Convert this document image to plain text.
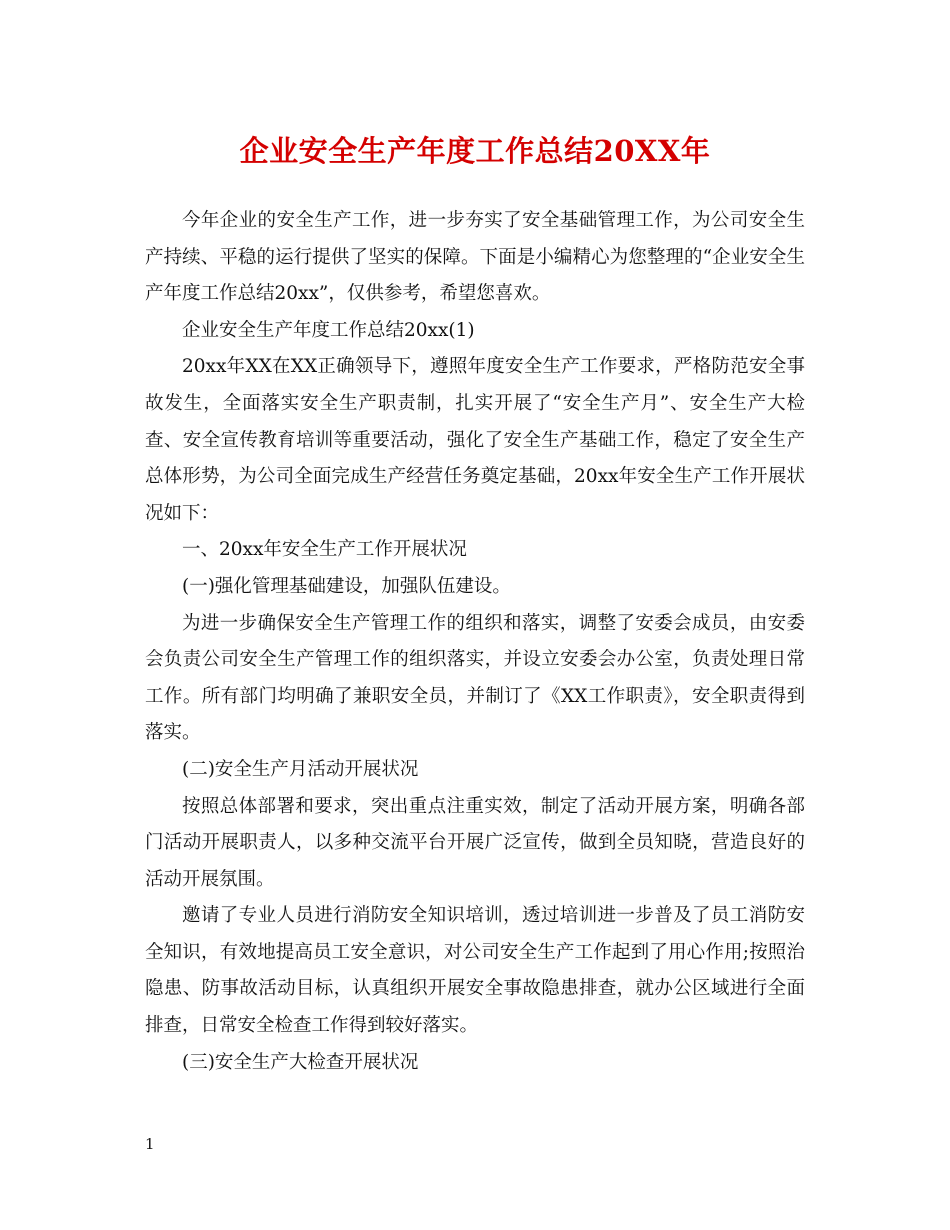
企业安全生产年度工作总结20XX年

今年企业的安全生产工作，进一步夯实了安全基础管理工作，为公司安全生产持续、平稳的运行提供了坚实的保障。下面是小编精心为您整理的“企业安全生产年度工作总结20xx”，仅供参考，希望您喜欢。

企业安全生产年度工作总结20xx(1)

20xx年XX在XX正确领导下，遵照年度安全生产工作要求，严格防范安全事故发生，全面落实安全生产职责制，扎实开展了“安全生产月”、安全生产大检查、安全宣传教育培训等重要活动，强化了安全生产基础工作，稳定了安全生产总体形势，为公司全面完成生产经营任务奠定基础，20xx年安全生产工作开展状况如下：

一、20xx年安全生产工作开展状况

(一)强化管理基础建设，加强队伍建设。

为进一步确保安全生产管理工作的组织和落实，调整了安委会成员，由安委会负责公司安全生产管理工作的组织落实，并设立安委会办公室，负责处理日常工作。所有部门均明确了兼职安全员，并制订了《XX工作职责》，安全职责得到落实。

(二)安全生产月活动开展状况

按照总体部署和要求，突出重点注重实效，制定了活动开展方案，明确各部门活动开展职责人，以多种交流平台开展广泛宣传，做到全员知晓，营造良好的活动开展氛围。

邀请了专业人员进行消防安全知识培训，透过培训进一步普及了员工消防安全知识，有效地提高员工安全意识，对公司安全生产工作起到了用心作用;按照治隐患、防事故活动目标，认真组织开展安全事故隐患排查，就办公区域进行全面排查，日常安全检查工作得到较好落实。

(三)安全生产大检查开展状况

1
